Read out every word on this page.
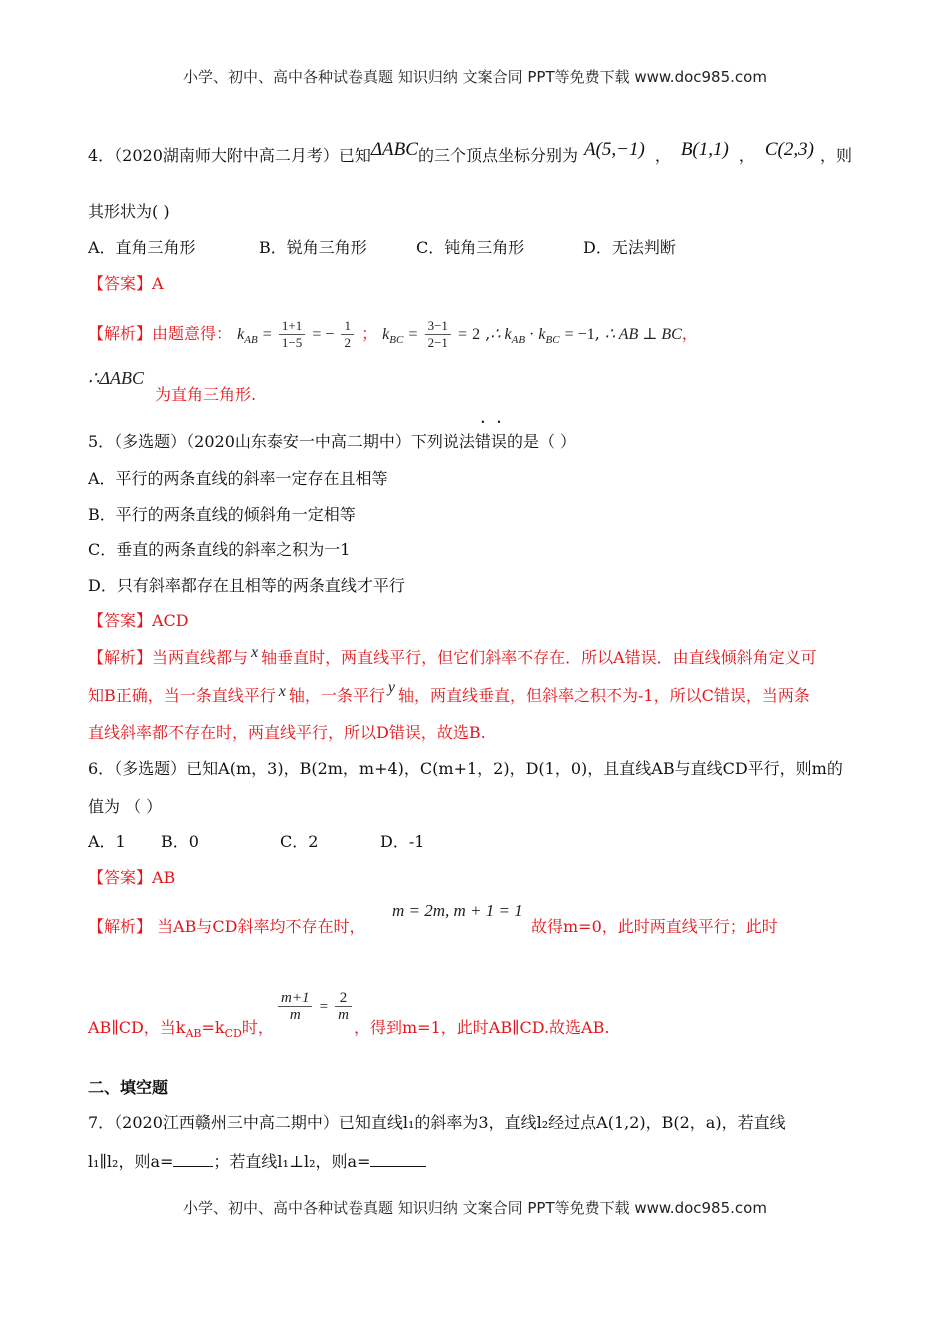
小学、初中、高中各种试卷真题 知识归纳 文案合同 PPT等免费下载 www.doc985.com
4．（2020湖南师大附中高二月考）已知ΔABC的三个顶点坐标分别为 A(5,−1) ， B(1,1) ， C(2,3) ，则
其形状为( )
A．直角三角形	B．锐角三角形	C．钝角三角形	D．无法判断
【答案】A
【解析】由题意得： $k_{AB} = \frac{1+1}{1-5}$ = − $\frac{1}{2}$ ； $k_{BC} = \frac{3-1}{2-1} = 2$ ,∴ $k_{AB} \cdot k_{BC} = -1$, ∴ AB ⊥ BC，
∴ΔABC
为直角三角形.
5．（多选题）（2020山东泰安一中高二期中）下列说法错误的是（ ）
A．平行的两条直线的斜率一定存在且相等
B．平行的两条直线的倾斜角一定相等
C．垂直的两条直线的斜率之积为一1
D．只有斜率都存在且相等的两条直线才平行
【答案】ACD
【解析】当两直线都与 x 轴垂直时，两直线平行，但它们斜率不存在．所以A错误．由直线倾斜角定义可
知B正确，当一条直线平行 x 轴，一条平行 y 轴，两直线垂直，但斜率之积不为-1，所以C错误，当两条
直线斜率都不存在时，两直线平行，所以D错误，故选B.
6．（多选题）已知A(m，3)，B(2m，m+4)，C(m+1，2)，D(1，0)，且直线AB与直线CD平行，则m的
值为 （ ）
A．1 B．0	C．2	D．-1
【答案】AB
【解析】 当AB与CD斜率均不存在时，
m = 2m, m + 1 = 1
故得m=0，此时两直线平行；此时
AB∥CD，当$k_{AB}=k_{CD}$时，
$\frac{m+1}{m} = \frac{2}{m}$
，得到m=1，此时AB∥CD.故选AB.
二、填空题
7．（2020江西赣州三中高二期中）已知直线l₁的斜率为3，直线l₂经过点A(1,2)，B(2，a)，若直线
l₁∥l₂，则a=	；若直线l₁⊥l₂，则a=
小学、初中、高中各种试卷真题 知识归纳 文案合同 PPT等免费下载 www.doc985.com
